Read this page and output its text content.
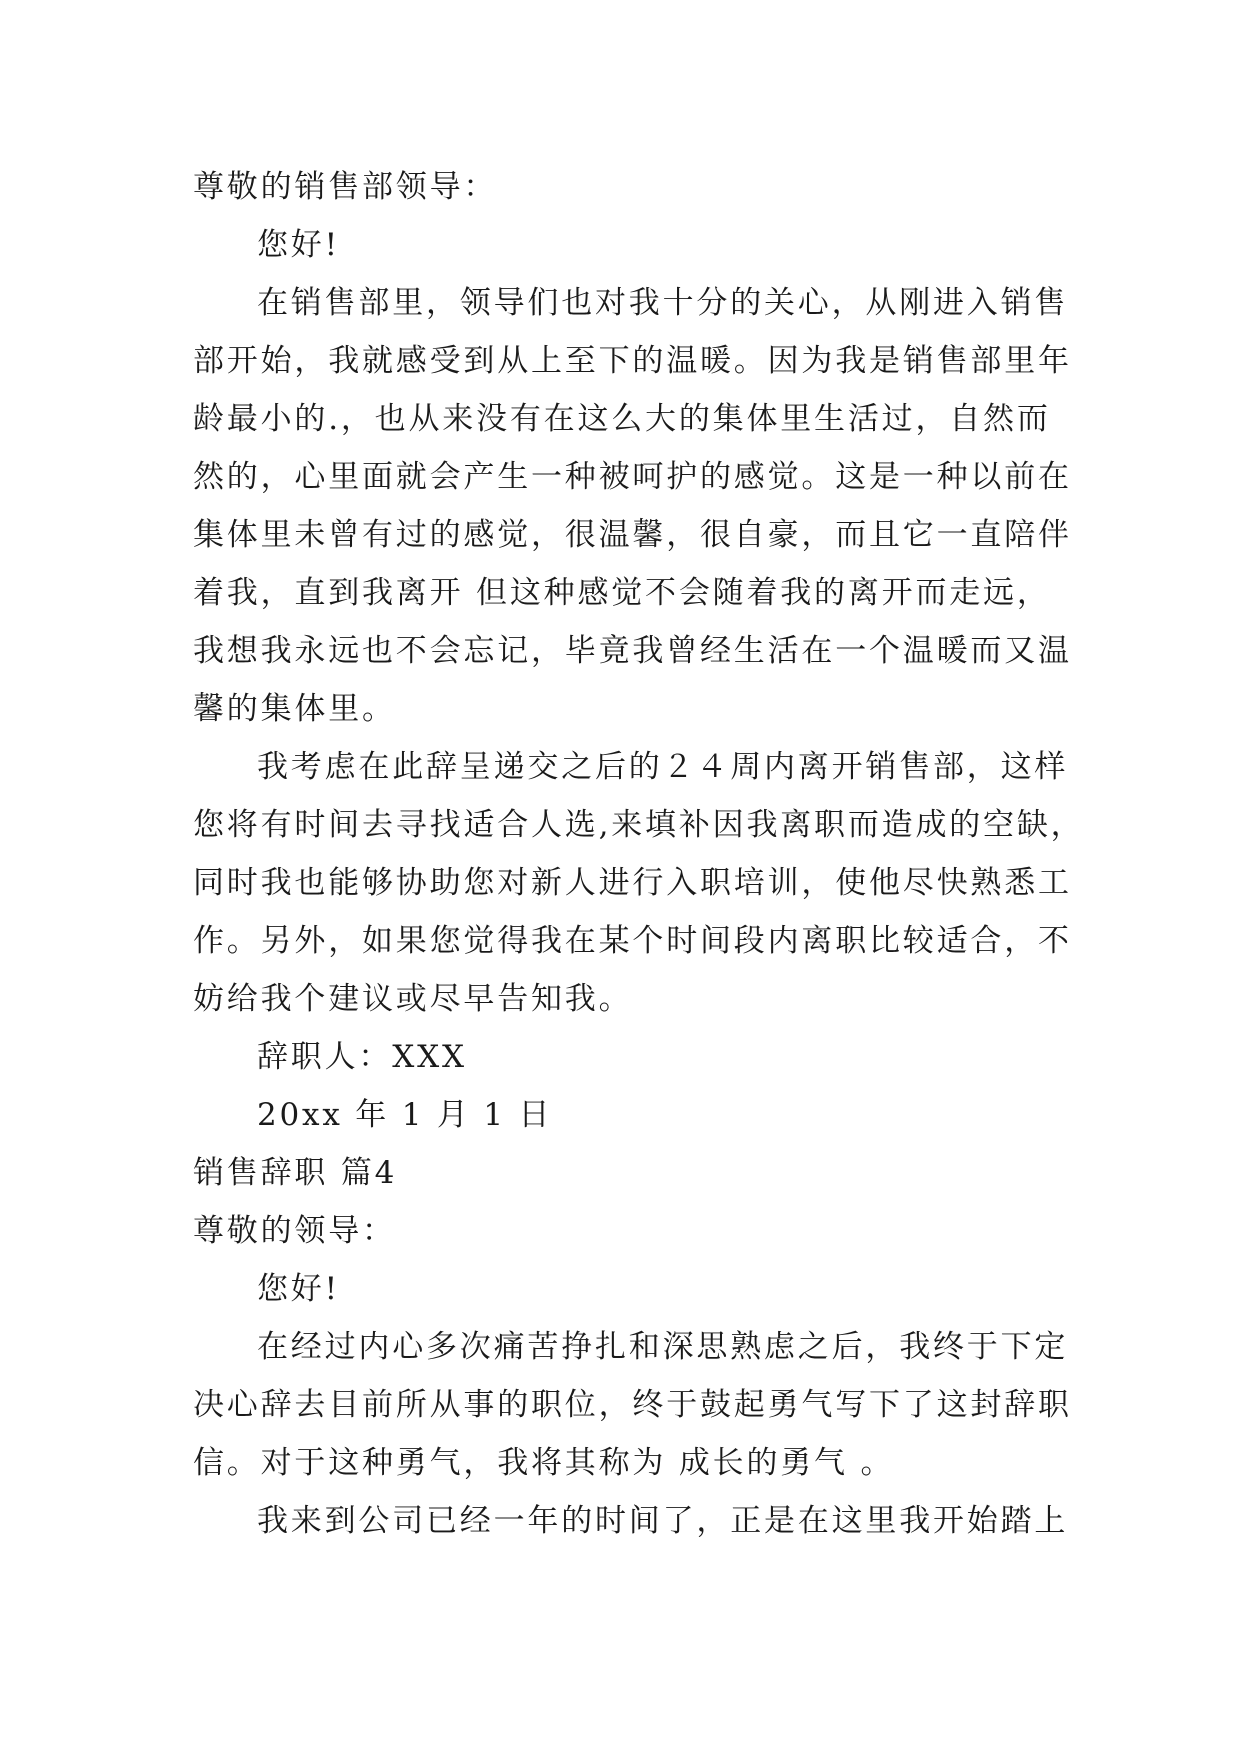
尊敬的销售部领导：
您好!
在销售部里，领导们也对我十分的关心，从刚进入销售
部开始，我就感受到从上至下的温暖。因为我是销售部里年
龄最小的.，也从来没有在这么大的集体里生活过，自然而
然的，心里面就会产生一种被呵护的感觉。这是一种以前在
集体里未曾有过的感觉，很温馨，很自豪，而且它一直陪伴
着我，直到我离开 但这种感觉不会随着我的离开而走远，
我想我永远也不会忘记，毕竟我曾经生活在一个温暖而又温
馨的集体里。
我考虑在此辞呈递交之后的２４周内离开销售部，这样
您将有时间去寻找适合人选,来填补因我离职而造成的空缺，
同时我也能够协助您对新人进行入职培训，使他尽快熟悉工
作。另外，如果您觉得我在某个时间段内离职比较适合，不
妨给我个建议或尽早告知我。
辞职人：XXX
20xx 年 1 月 1 日
销售辞职 篇4
尊敬的领导：
您好!
在经过内心多次痛苦挣扎和深思熟虑之后，我终于下定
决心辞去目前所从事的职位，终于鼓起勇气写下了这封辞职
信。对于这种勇气，我将其称为 成长的勇气 。
我来到公司已经一年的时间了，正是在这里我开始踏上
